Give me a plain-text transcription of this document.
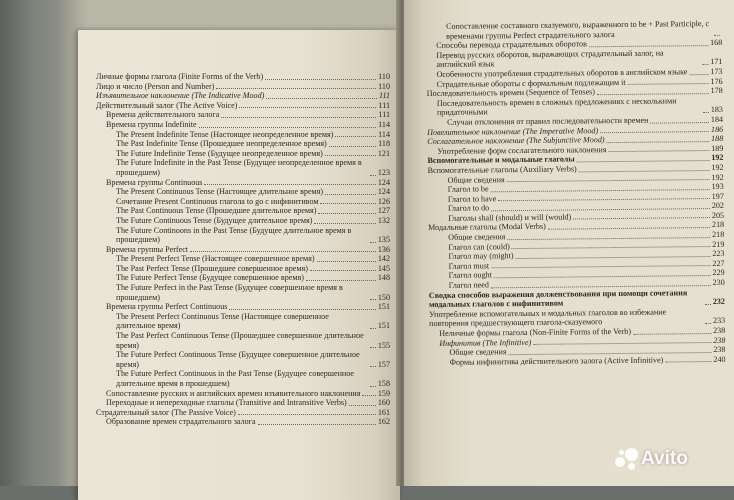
Личные формы глагола (Finite Forms of the Verb)	110
Лицо и число (Person and Number)	110
Изъявительное наклонение (The Indicative Mood)	111
Действительный залог (The Active Voice)	111
Времена действительного залога	111
Времена группы Indefinite	114
The Present Indefinite Tense (Настоящее неопределенное время)	114
The Past Indefinite Tense (Прошедшее неопределенное время)	118
The Future Indefinite Tense (Будущее неопределенное время)	121
The Future Indefinite in the Past Tense (Будущее неопределенное время в прошедшем)	123
Времена группы Continuous	124
The Present Continuous Tense (Настоящее длительное время)	124
Сочетание Present Continuous глагола to go с инфинитивом	126
The Past Continuous Tense (Прошедшее длительное время)	127
The Future Continuous Tense (Будущее длительное время)	132
The Future Continoons in the Past Tense (Будущее длительное время в прошедшем)	135
Времена группы Perfect	136
The Present Perfect Tense (Настоящее совершенное время)	142
The Past Perfect Tense (Прошедшее совершенное время)	145
The Future Perfect Tense (Будущее совершенное время)	148
The Future Perfect in the Past Tense (Будущее совершенное время в прошедшем)	150
Времена группы Perfect Continuous	151
The Present Perfect Continuous Tense (Настоящее совершенное длительное время)	151
The Past Perfect Continuous Tense (Прошедшее совершенное длительное время)	155
The Future Perfect Continuous Tense (Будущее совершенное длительное время)	157
The Future Perfect Continuous in the Past Tense (Будущее совершенное длительное время в прошедшем)	158
Сопоставление русских и английских времен изъявительного наклонения 159
Переходные и непереходные глаголы (Transitive and Intransitive Verbs)	160
Страдательный залог (The Passive Voice)	161
Образование времен страдательного залога	162
Сопоставление составного сказуемого, выраженного to be + Past Participle, с временами группы Perfect страдательного залога
Способы перевода страдательных оборотов	168
Перевод русских оборотов, выражающих страдательный залог, на английский язык	171
Особенности употребления страдательных оборотов в английском языке	173
Страдательные обороты с формальным подлежащим it	176
Последовательность времен (Sequence of Tenses)	178
Последовательность времен в сложных предложениях с несколькими придаточными	183
Случаи отклонения от правил последовательности времен	184
Повелительное наклонение (The Imperative Mood)	186
Сослагательное наклонение (The Subjunctive Mood)	188
Употребление форм сослагательного наклонения	189
Вспомогательные и модальные глаголы	192
Вспомогательные глаголы (Auxiliary Verbs)	192
Общие сведения	192
Глагол to be	193
Глагол to have	197
Глагол to do	202
Глаголы shall (should) и will (would)	205
Модальные глаголы (Modal Verbs)	218
Общие сведения	218
Глагол can (could)	219
Глагол may (might)	223
Глагол must	227
Глагол ought	229
Глагол need	230
Сводка способов выражения долженствования при помощи сочетания модальных глаголов с инфинитивом	232
Употребление вспомогательных и модальных глаголов во избежание повторения предшествующего глагола-сказуемого	233
Неличные формы глагола (Non-Finite Forms of the Verb)	238
Инфинитив (The Infinitive)	238
Общие сведения	238
Формы инфинитива действительного залога (Active Infinitive)	240
Avito
